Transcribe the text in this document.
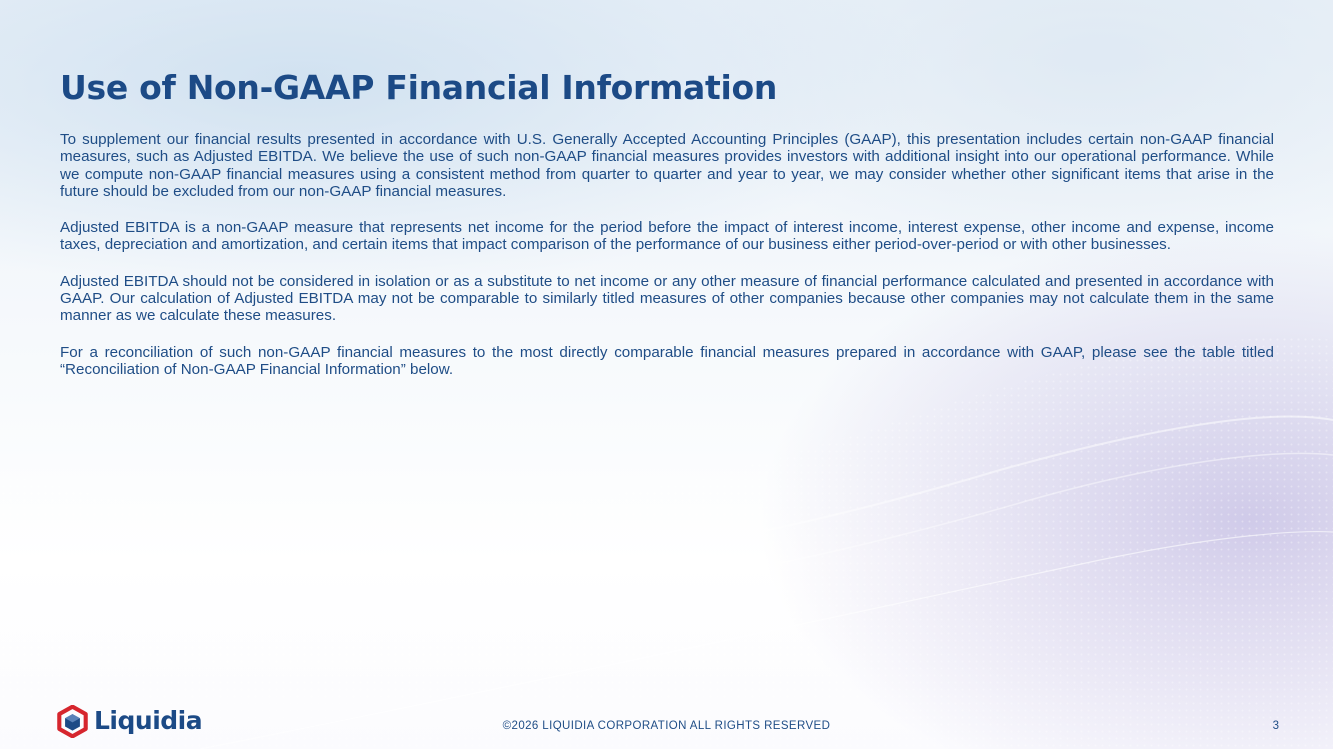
Use of Non-GAAP Financial Information

To supplement our financial results presented in accordance with U.S. Generally Accepted Accounting Principles (GAAP), this presentation includes certain non-GAAP financial measures, such as Adjusted EBITDA. We believe the use of such non-GAAP financial measures provides investors with additional insight into our operational performance. While we compute non-GAAP financial measures using a consistent method from quarter to quarter and year to year, we may consider whether other significant items that arise in the future should be excluded from our non-GAAP financial measures.

Adjusted EBITDA is a non-GAAP measure that represents net income for the period before the impact of interest income, interest expense, other income and expense, income taxes, depreciation and amortization, and certain items that impact comparison of the performance of our business either period-over-period or with other businesses.

Adjusted EBITDA should not be considered in isolation or as a substitute to net income or any other measure of financial performance calculated and presented in accordance with GAAP. Our calculation of Adjusted EBITDA may not be comparable to similarly titled measures of other companies because other companies may not calculate them in the same manner as we calculate these measures.

For a reconciliation of such non-GAAP financial measures to the most directly comparable financial measures prepared in accordance with GAAP, please see the table titled “Reconciliation of Non-GAAP Financial Information” below.

Liquidia	©2026 LIQUIDIA CORPORATION ALL RIGHTS RESERVED	3
